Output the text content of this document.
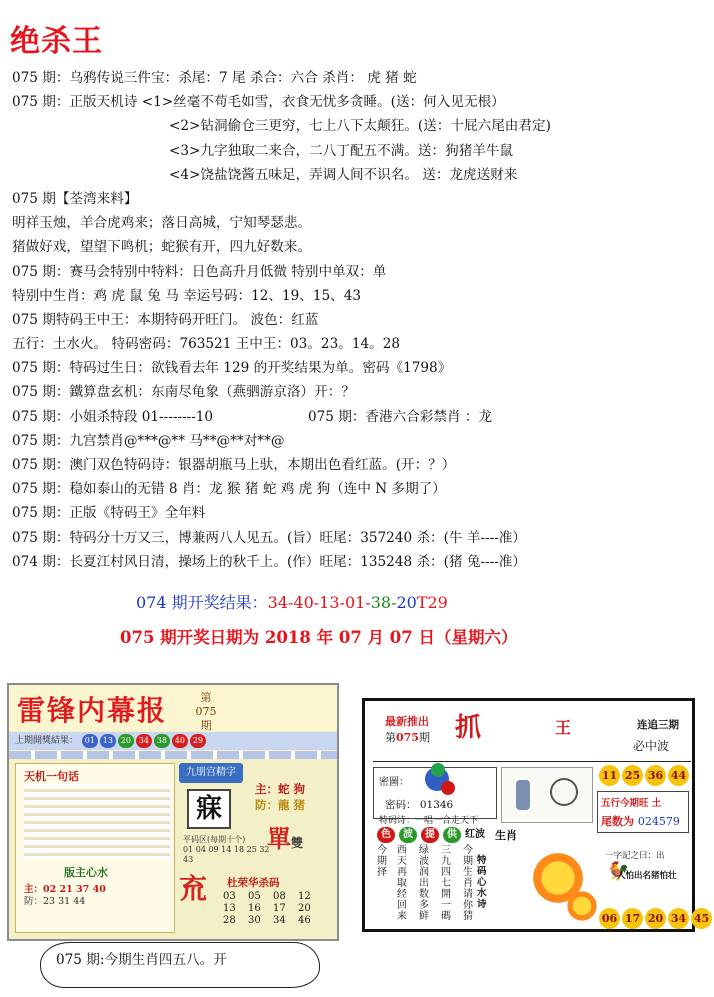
绝杀王
075 期：乌鸦传说三件宝：杀尾：7 尾 杀合：六合 杀肖： 虎 猪 蛇
075 期：正版天机诗 <1>丝毫不苟毛如雪，衣食无忧多贪睡。(送：何入见无根）
<2>钻洞偷仓三更穷，七上八下太颠狂。(送：十屁六尾由君定)
<3>九字独取二来合，二八丁配五不满。送：狗猪羊牛鼠
<4>饶盐饶酱五味足，弄调人间不识名。 送：龙虎送财来
075 期【荃湾来料】
明祥玉烛，羊合虎鸡来；落日高城，宁知琴瑟悲。
猪做好戏，望望下鸣机；蛇猴有开，四九好数来。
075 期：赛马会特别中特料：日色高升月低微 特别中单双：单
特别中生肖：鸡 虎 鼠 兔 马 幸运号码：12、19、15、43
075 期特码王中王：本期特码开旺门。 波色：红蓝
五行：土水火。 特码密码：763521 王中王：03。23。14。28
075 期：特码过生日：欲钱看去年 129 的开奖结果为单。密码《1798》
075 期：鐵算盘玄机：东南尽龟象（燕驷游京洛）开：？
075 期：小姐杀特段 01--------10	075 期：香港六合彩禁肖 ：龙
075 期：九宫禁肖@***@** 马**@**对**@
075 期：澳门双色特码诗：银器胡瓶马上驮，本期出色看红蓝。(开：？）
075 期：稳如泰山的无错 8 肖：龙 猴 猪 蛇 鸡 虎 狗（连中 N 多期了）
075 期：正版《特码王》全年料
075 期：特码分十万又三，博兼两八人见五。(旨）旺尾：357240 杀：(牛 羊----准）
074 期：长夏江村风日清，操场上的秋千上。(作）旺尾：135248 杀：(猪 兔----准）
074 期开奖结果：34-40-13-01-38-20T29
075 期开奖日期为 2018 年 07 月 07 日（星期六）
雷锋内幕报	第075期
上期開獎結果： 01 13 20 34 38 40 29
天机一句话
版主心水
主：02 21 37 40
防：23 31 44
九朋宫精字
寐
主：蛇 狗
防：龍 猪
單雙
平码区(每期十个)
01 04 09 14 18 25 32 43
㐬	杜荣华杀码
03 05 08 12
13 16 17 20
28 30 34 46
075 期:今期生肖四五八。开
最新推出
第075期 抓	王	连追三期
必中波
密圖：
密码： 01346
特码诗：一唱一合走天下
11 25 36 44
五行今期旺 土
尾数为 024579
色 波 提 供 红波 生肖
特码心水诗
今期择
西天再取经回来
绿波润出数多鲜
三九四七開一碼
今期生肖请你猜
一字記之曰：出
🐓
人怕出名猪怕壮
06 17 20 34 45
